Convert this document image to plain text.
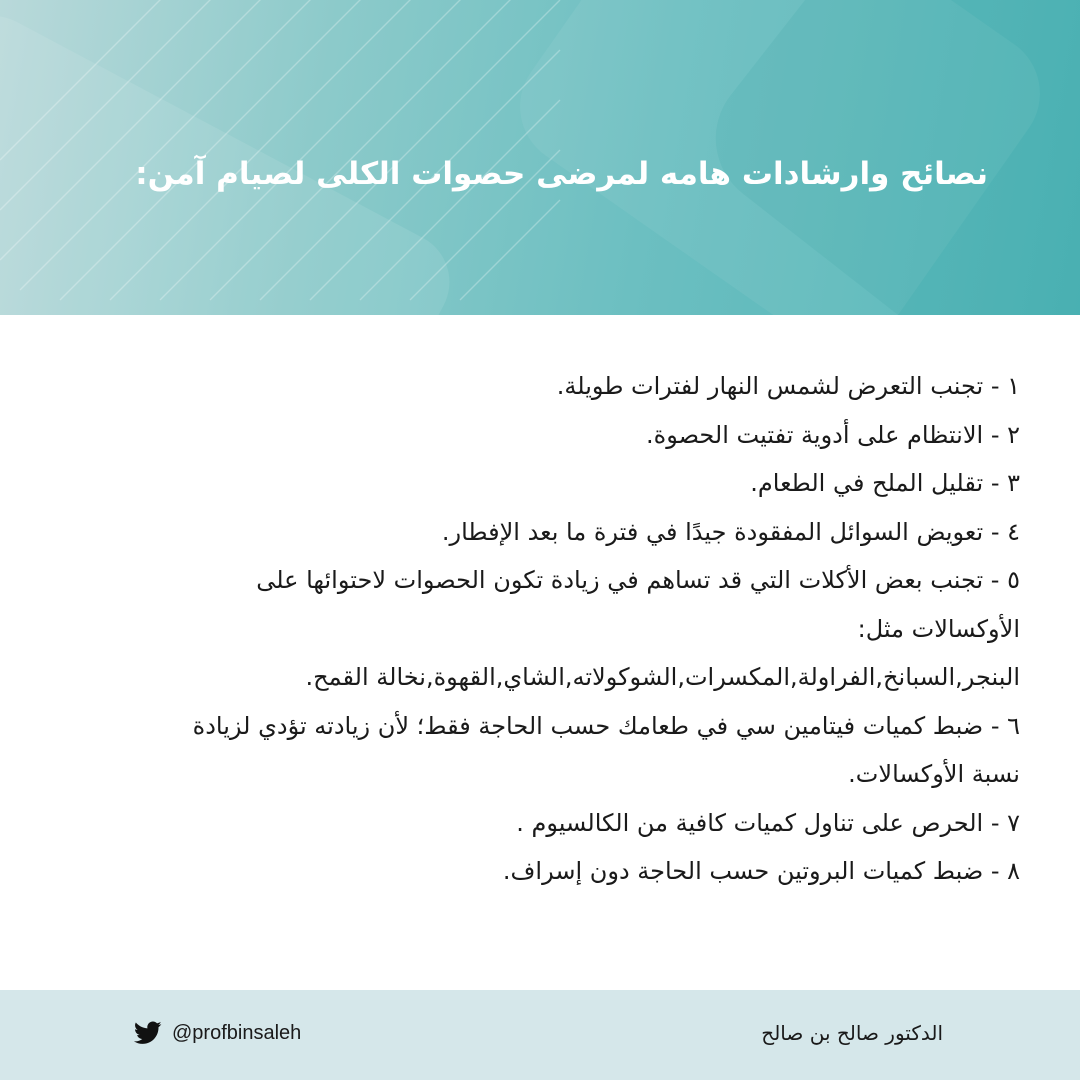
نصائح وارشادات هامه لمرضى حصوات الكلى لصيام آمن:
١ - تجنب التعرض لشمس النهار لفترات طويلة.
٢ - الانتظام على أدوية تفتيت الحصوة.
٣ - تقليل الملح في الطعام.
٤ - تعويض السوائل المفقودة جيدًا في فترة ما بعد الإفطار.
٥ - تجنب بعض الأكلات التي قد تساهم في زيادة تكون الحصوات لاحتوائها على
الأوكسالات مثل:
البنجر,السبانخ,الفراولة,المكسرات,الشوكولاته,الشاي,القهوة,نخالة القمح.
٦ - ضبط كميات فيتامين سي في طعامك حسب الحاجة فقط؛ لأن زيادته تؤدي لزيادة
نسبة الأوكسالات.
٧ - الحرص على تناول كميات كافية من الكالسيوم .
٨ - ضبط كميات البروتين حسب الحاجة دون إسراف.
@profbinsaleh	الدكتور صالح بن صالح
